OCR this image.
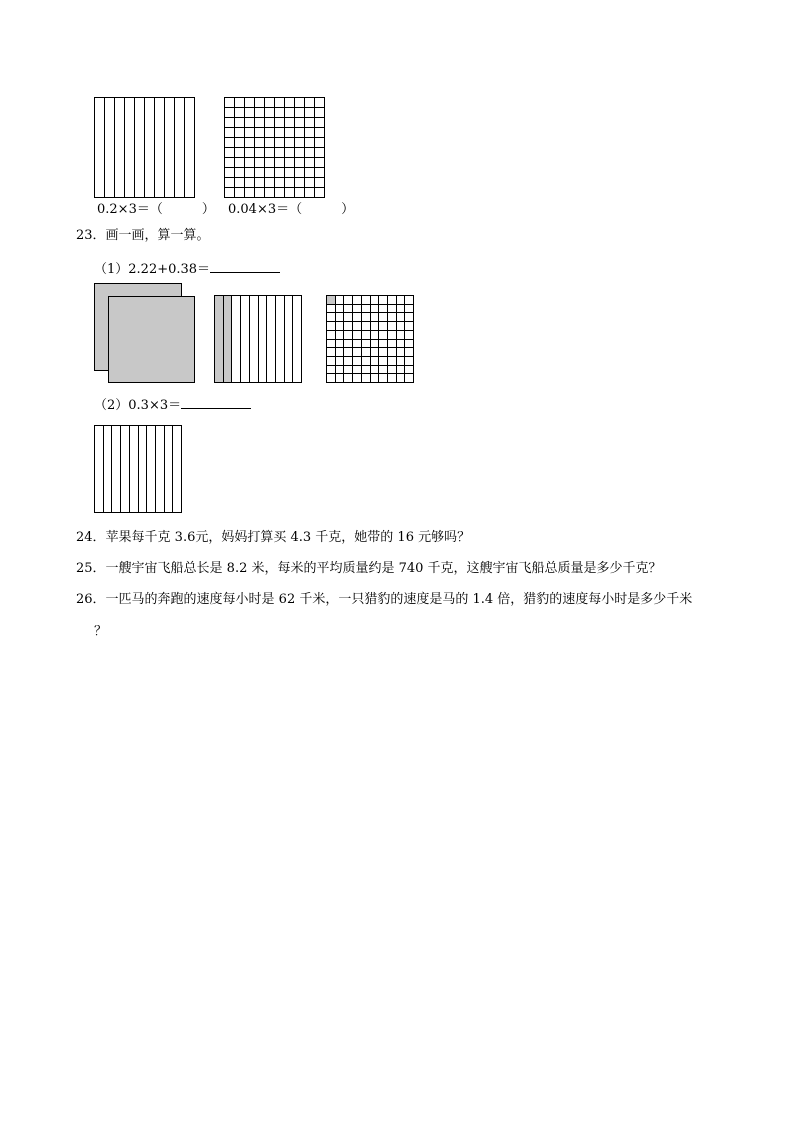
0.2×3＝（　　　） 0.04×3＝（　　　）
23．画一画，算一算。
（1）2.22+0.38＝
（2）0.3×3＝
24．苹果每千克 3.6元，妈妈打算买 4.3 千克，她带的 16 元够吗？
25．一艘宇宙飞船总长是 8.2 米，每米的平均质量约是 740 千克，这艘宇宙飞船总质量是多少千克？
26．一匹马的奔跑的速度每小时是 62 千米，一只猎豹的速度是马的 1.4 倍，猎豹的速度每小时是多少千米
？
